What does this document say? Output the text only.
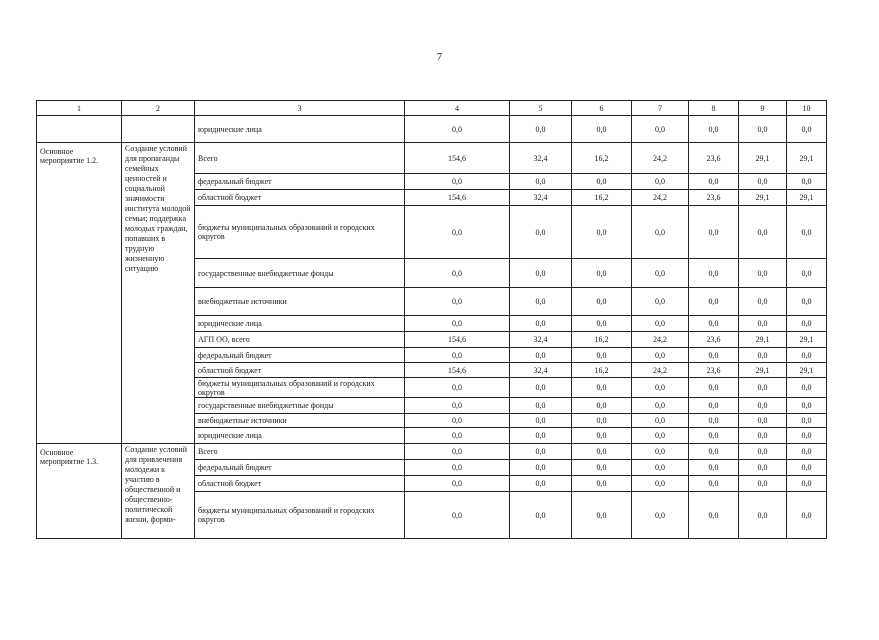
7
1	2	3	4	5	6	7	8	9	10
		юридические лица	0,0	0,0	0,0	0,0	0,0	0,0	0,0
Основное мероприятие 1.2.	Создание условий для пропаганды семейных ценностей и социальной значимости института молодой семьи; поддержка молодых граждан, попавших в трудную жизненную ситуацию	Всего	154,6	32,4	16,2	24,2	23,6	29,1	29,1
		федеральный бюджет	0,0	0,0	0,0	0,0	0,0	0,0	0,0
		областной бюджет	154,6	32,4	16,2	24,2	23,6	29,1	29,1
		бюджеты муниципальных образований и городских округов	0,0	0,0	0,0	0,0	0,0	0,0	0,0
		государственные внебюджетные фонды	0,0	0,0	0,0	0,0	0,0	0,0	0,0
		внебюджетные источники	0,0	0,0	0,0	0,0	0,0	0,0	0,0
		юридические лица	0,0	0,0	0,0	0,0	0,0	0,0	0,0
		АГП ОО, всего	154,6	32,4	16,2	24,2	23,6	29,1	29,1
		федеральный бюджет	0,0	0,0	0,0	0,0	0,0	0,0	0,0
		областной бюджет	154,6	32,4	16,2	24,2	23,6	29,1	29,1
		бюджеты муниципальных образований и городских округов	0,0	0,0	0,0	0,0	0,0	0,0	0,0
		государственные внебюджетные фонды	0,0	0,0	0,0	0,0	0,0	0,0	0,0
		внебюджетные источники	0,0	0,0	0,0	0,0	0,0	0,0	0,0
		юридические лица	0,0	0,0	0,0	0,0	0,0	0,0	0,0
Основное мероприятие 1.3.	Создание условий для привлечения молодежи к участию в общественной и общественно-политической жизни, форми-	Всего	0,0	0,0	0,0	0,0	0,0	0,0	0,0
		федеральный бюджет	0,0	0,0	0,0	0,0	0,0	0,0	0,0
		областной бюджет	0,0	0,0	0,0	0,0	0,0	0,0	0,0
		бюджеты муниципальных образований и городских округов	0,0	0,0	0,0	0,0	0,0	0,0	0,0
